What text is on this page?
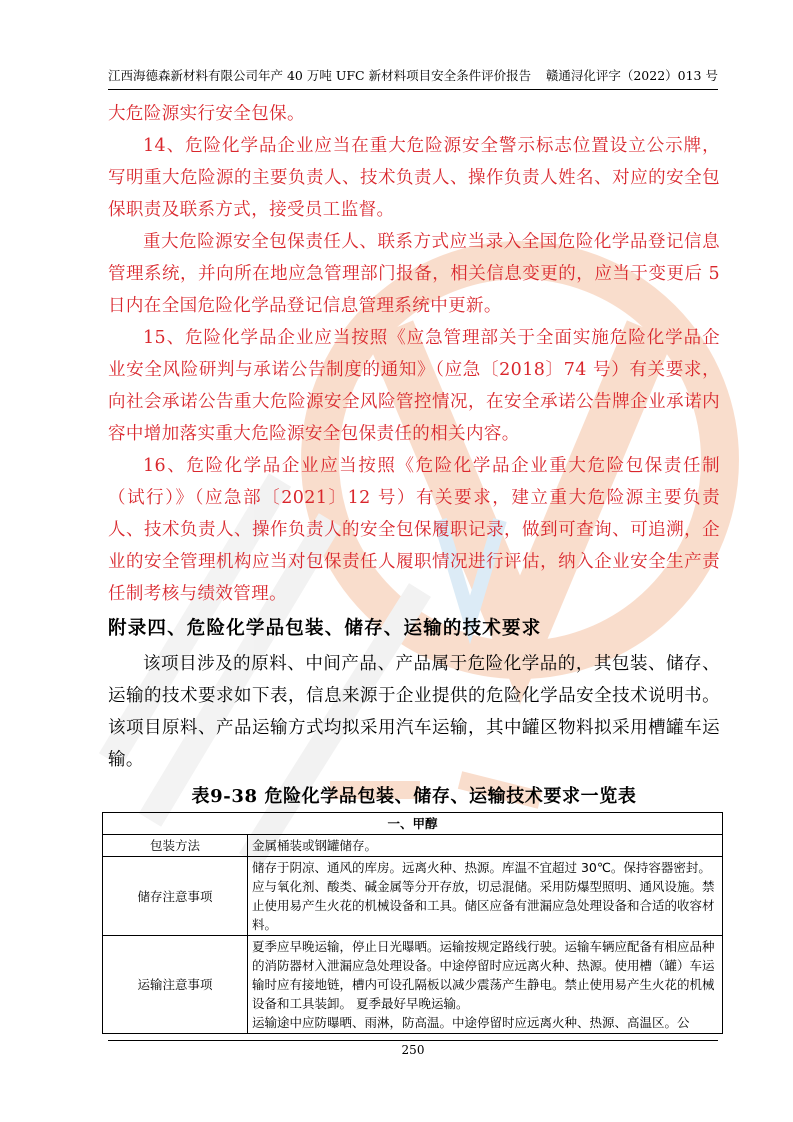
江西海德森新材料有限公司年产 40 万吨 UFC 新材料项目安全条件评价报告 赣通浔化评字（2022）013 号

大危险源实行安全包保。

14、危险化学品企业应当在重大危险源安全警示标志位置设立公示牌，写明重大危险源的主要负责人、技术负责人、操作负责人姓名、对应的安全包保职责及联系方式，接受员工监督。

重大危险源安全包保责任人、联系方式应当录入全国危险化学品登记信息管理系统，并向所在地应急管理部门报备，相关信息变更的，应当于变更后 5 日内在全国危险化学品登记信息管理系统中更新。

15、危险化学品企业应当按照《应急管理部关于全面实施危险化学品企业安全风险研判与承诺公告制度的通知》（应急〔2018〕74 号）有关要求，向社会承诺公告重大危险源安全风险管控情况，在安全承诺公告牌企业承诺内容中增加落实重大危险源安全包保责任的相关内容。

16、危险化学品企业应当按照《危险化学品企业重大危险包保责任制（试行）》（应急部〔2021〕12 号）有关要求，建立重大危险源主要负责人、技术负责人、操作负责人的安全包保履职记录，做到可查询、可追溯，企业的安全管理机构应当对包保责任人履职情况进行评估，纳入企业安全生产责任制考核与绩效管理。

附录四、危险化学品包装、储存、运输的技术要求

该项目涉及的原料、中间产品、产品属于危险化学品的，其包装、储存、运输的技术要求如下表，信息来源于企业提供的危险化学品安全技术说明书。该项目原料、产品运输方式均拟采用汽车运输，其中罐区物料拟采用槽罐车运输。

表9-38 危险化学品包装、储存、运输技术要求一览表
一、甲醇	
包装方法	金属桶装或钢罐储存。
储存注意事项	储存于阴凉、通风的库房。远离火种、热源。库温不宜超过 30℃。保持容器密封。应与氧化剂、酸类、碱金属等分开存放，切忌混储。采用防爆型照明、通风设施。禁止使用易产生火花的机械设备和工具。储区应备有泄漏应急处理设备和合适的收容材料。
运输注意事项	夏季应早晚运输，停止日光曝晒。运输按规定路线行驶。运输车辆应配备有相应品种的消防器材入泄漏应急处理设备。中途停留时应远离火种、热源。使用槽（罐）车运输时应有接地链，槽内可设孔隔板以减少震荡产生静电。禁止使用易产生火花的机械设备和工具装卸。 夏季最好早晚运输。
运输途中应防曝晒、雨淋，防高温。中途停留时应远离火种、热源、高温区。公
250
